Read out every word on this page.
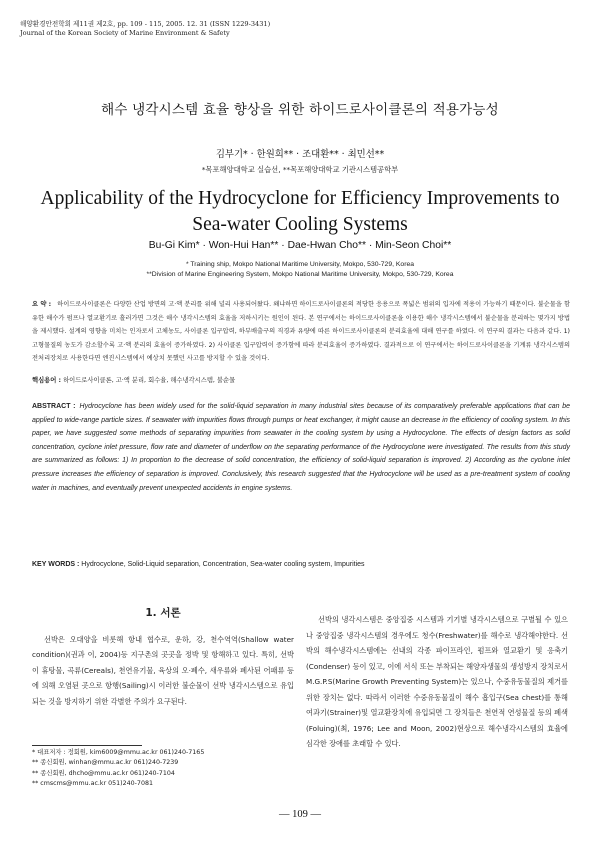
해양환경안전학회 제11권 제2호, pp. 109 - 115, 2005. 12. 31 (ISSN 1229-3431)
Journal of the Korean Society of Marine Environment & Safety
해수 냉각시스템 효율 향상을 위한 하이드로사이클론의 적용가능성
김부기* · 한원희** · 조대환** · 최민선**
*목포해양대학교 실습선, **목포해양대학교 기관시스템공학부
Applicability of the Hydrocyclone for Efficiency Improvements to Sea-water Cooling Systems
Bu-Gi Kim* · Won-Hui Han** · Dae-Hwan Cho** · Min-Seon Choi**
* Training ship, Mokpo National Maritime University, Mokpo, 530-729, Korea
**Division of Marine Engineering System, Mokpo National Maritime University, Mokpo, 530-729, Korea
요 약 : 하이드로사이클론은 다양한 산업 방면의 고·액 분리를 위해 널리 사용되어왔다. 왜냐하면 하이드로사이클론의 적당한 응용으로 폭넓은 범위의 입자에 적용이 가능하기 때문이다. 불순물을 함유한 해수가 펌프나 열교환기로 흘러가면 그것은 해수 냉각시스템의 효율을 저하시키는 원인이 된다. 본 연구에서는 하이드로사이클론을 이용한 해수 냉각시스템에서 불순물을 분리하는 몇가지 방법을 제시했다. 설계의 영향을 미치는 인자로서 고체농도, 사이클론 입구압력, 하부배출구의 직경과 유량에 따른 하이드로사이클론의 분리효율에 대해 연구를 하였다. 이 연구의 결과는 다음과 같다. 1) 고형물질의 농도가 감소할수록 고·액 분리의 효율이 증가하였다. 2) 사이클론 입구압력이 증가함에 따라 분리효율이 증가하였다. 결과적으로 이 연구에서는 하이드로사이클론을 기계류 냉각시스템의 전처리장치로 사용한다면 엔진시스템에서 예상치 못했던 사고를 방지할 수 있을 것이다.
핵심용어 : 하이드로사이클론, 고·액 분리, 회수율, 해수냉각시스템, 불순물
ABSTRACT : Hydrocyclone has been widely used for the solid-liquid separation in many industrial sites because of its comparatively preferable applications that can be applied to wide-range particle sizes. If seawater with impurities flows through pumps or heat exchanger, it might cause an decrease in the efficiency of cooling system. In this paper, we have suggested some methods of separating impurities from seawater in the cooling system by using a Hydrocyclone. The effects of design factors as solid concentration, cyclone inlet pressure, flow rate and diameter of underflow on the separating performance of the Hydrocyclone were investigated. The results from this study are summarized as follows: 1) In proportion to the decrease of solid concentration, the efficiency of solid-liquid separation is improved. 2) According as the cyclone inlet pressure increases the efficiency of separation is improved. Conclusively, this research suggested that the Hydrocyclone will be used as a pre-treatment system of cooling water in machines, and eventually prevent unexpected accidents in engine systems.
KEY WORDS : Hydrocyclone, Solid-Liquid separation, Concentration, Sea-water cooling system, Impurities
1. 서론

선박은 오대양을 비롯해 항내 협수로, 운하, 강, 천수역역(Shallow water condition)(권과 이, 2004)등 지구촌의 곳곳을 정박 및 항해하고 있다. 특히, 선박이 휴탕물, 곡류(Cereals), 천연유기물, 육상의 오·폐수, 새우류와 폐사된 어패류 등에 의해 오염된 곳으로 항행(Sailing)시 이러한 불순물이 선박 냉각시스템으로 유입되는 것을 방지하기 위한 각별한 주의가 요구된다.

선박의 냉각시스템은 중앙집중 시스템과 기기별 냉각시스템으로 구별될 수 있으나 중앙집중 냉각시스템의 경우에도 청수(Freshwater)를 해수로 냉각해야한다. 선박의 해수냉각시스템에는 선내의 각종 파이프라인, 펌프와 열교환기 및 응축기(Condenser) 등이 있고, 이에 서식 또는 부착되는 해양자생물의 생성방지 장치로서 M.G.P.S(Marine Growth Preventing System)는 있으나, 수중유동물질의 제거를 위한 장치는 없다. 따라서 이러한 수중유동물질이 해수 흡입구(Sea chest)를 통해 여과기(Strainer)및 열교환장치에 유입되면 그 장치들은 천연적 연성물질 등의 폐색(Foluing)(최, 1976; Lee and Moon, 2002)현상으로 해수냉각시스템의 효율에 심각한 장애를 초래할 수 있다.

* 대표저자 : 정회원, kim6009@mmu.ac.kr 061)240-7165
** 종신회원, winhan@mmu.ac.kr 061)240-7239
** 종신회원, dhcho@mmu.ac.kr 061)240-7104
** cmscms@mmu.ac.kr 051)240-7081
― 109 ―
